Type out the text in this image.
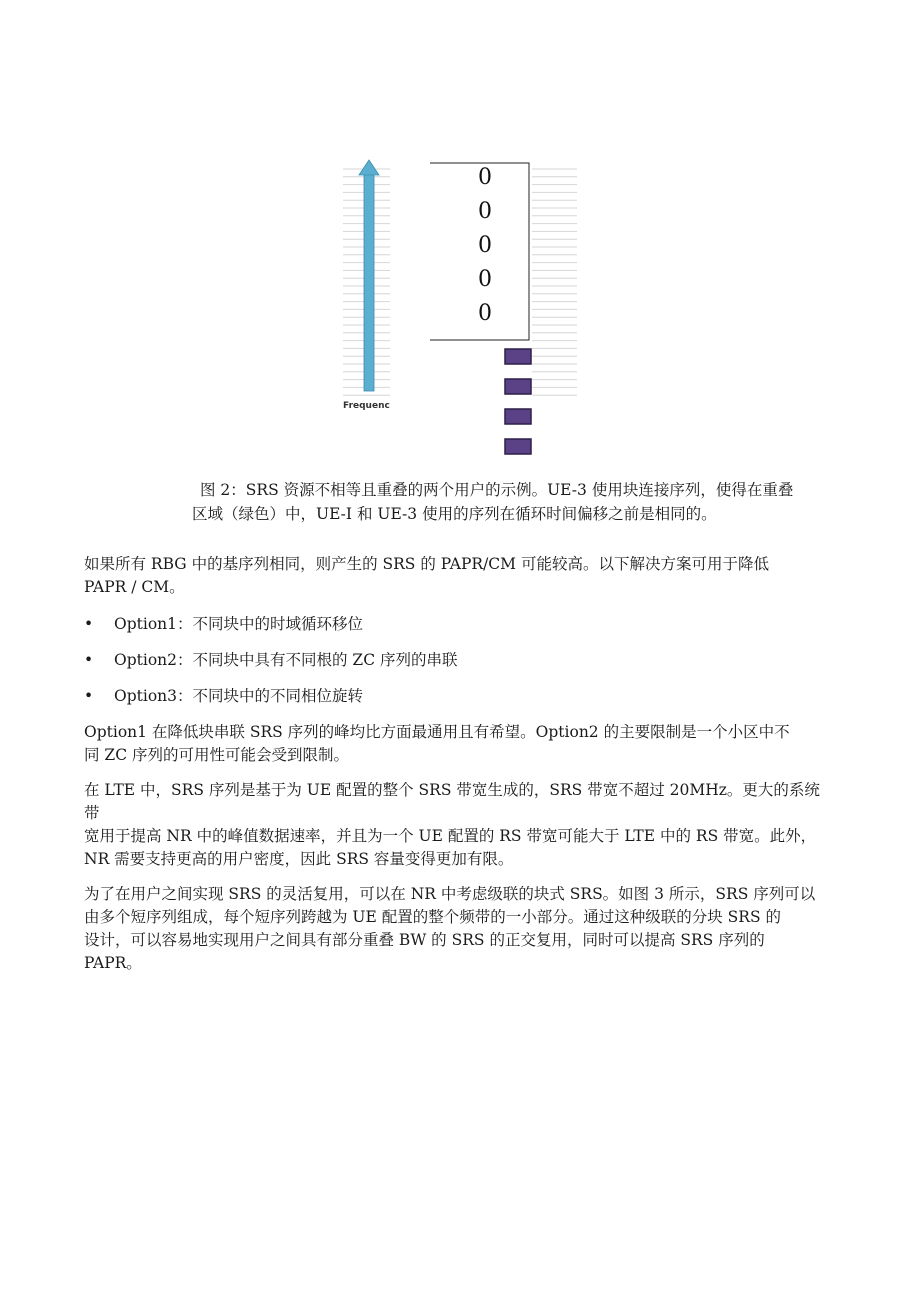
Frequenc
0
0
0
0
0

图 2：SRS 资源不相等且重叠的两个用户的示例。UE-3 使用块连接序列，使得在重叠

区域（绿色）中，UE-I 和 UE-3 使用的序列在循环时间偏移之前是相同的。

如果所有 RBG 中的基序列相同，则产生的 SRS 的 PAPR/CM 可能较高。以下解决方案可用于降低

PAPR / CM。

•	Option1：不同块中的时域循环移位
•	Option2：不同块中具有不同根的 ZC 序列的串联
•	Option3：不同块中的不同相位旋转

Option1 在降低块串联 SRS 序列的峰均比方面最通用且有希望。Option2 的主要限制是一个小区中不

同 ZC 序列的可用性可能会受到限制。

在 LTE 中，SRS 序列是基于为 UE 配置的整个 SRS 带宽生成的，SRS 带宽不超过 20MHz。更大的系统带

宽用于提高 NR 中的峰值数据速率，并且为一个 UE 配置的 RS 带宽可能大于 LTE 中的 RS 带宽。此外，

NR 需要支持更高的用户密度，因此 SRS 容量变得更加有限。

为了在用户之间实现 SRS 的灵活复用，可以在 NR 中考虑级联的块式 SRS。如图 3 所示，SRS 序列可以

由多个短序列组成，每个短序列跨越为 UE 配置的整个频带的一小部分。通过这种级联的分块 SRS 的

设计，可以容易地实现用户之间具有部分重叠 BW 的 SRS 的正交复用，同时可以提高 SRS 序列的

PAPR。
